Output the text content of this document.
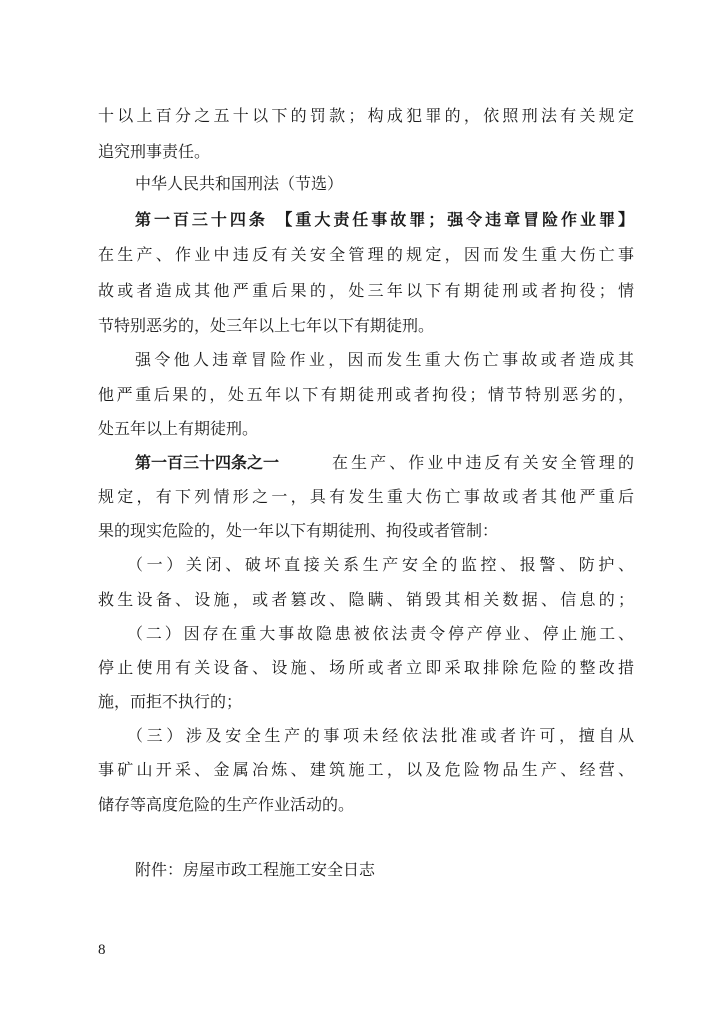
十以上百分之五十以下的罚款；构成犯罪的，依照刑法有关规定
追究刑事责任。
中华人民共和国刑法（节选）
第一百三十四条 【重大责任事故罪；强令违章冒险作业罪】
在生产、作业中违反有关安全管理的规定，因而发生重大伤亡事
故或者造成其他严重后果的，处三年以下有期徒刑或者拘役；情
节特别恶劣的，处三年以上七年以下有期徒刑。
强令他人违章冒险作业，因而发生重大伤亡事故或者造成其
他严重后果的，处五年以下有期徒刑或者拘役；情节特别恶劣的，
处五年以上有期徒刑。
第一百三十四条之一	在生产、作业中违反有关安全管理的
规定，有下列情形之一，具有发生重大伤亡事故或者其他严重后
果的现实危险的，处一年以下有期徒刑、拘役或者管制：
（一）关闭、破坏直接关系生产安全的监控、报警、防护、
救生设备、设施，或者篡改、隐瞒、销毁其相关数据、信息的；
（二）因存在重大事故隐患被依法责令停产停业、停止施工、
停止使用有关设备、设施、场所或者立即采取排除危险的整改措
施，而拒不执行的；
（三）涉及安全生产的事项未经依法批准或者许可，擅自从
事矿山开采、金属冶炼、建筑施工，以及危险物品生产、经营、
储存等高度危险的生产作业活动的。
附件：房屋市政工程施工安全日志
8
